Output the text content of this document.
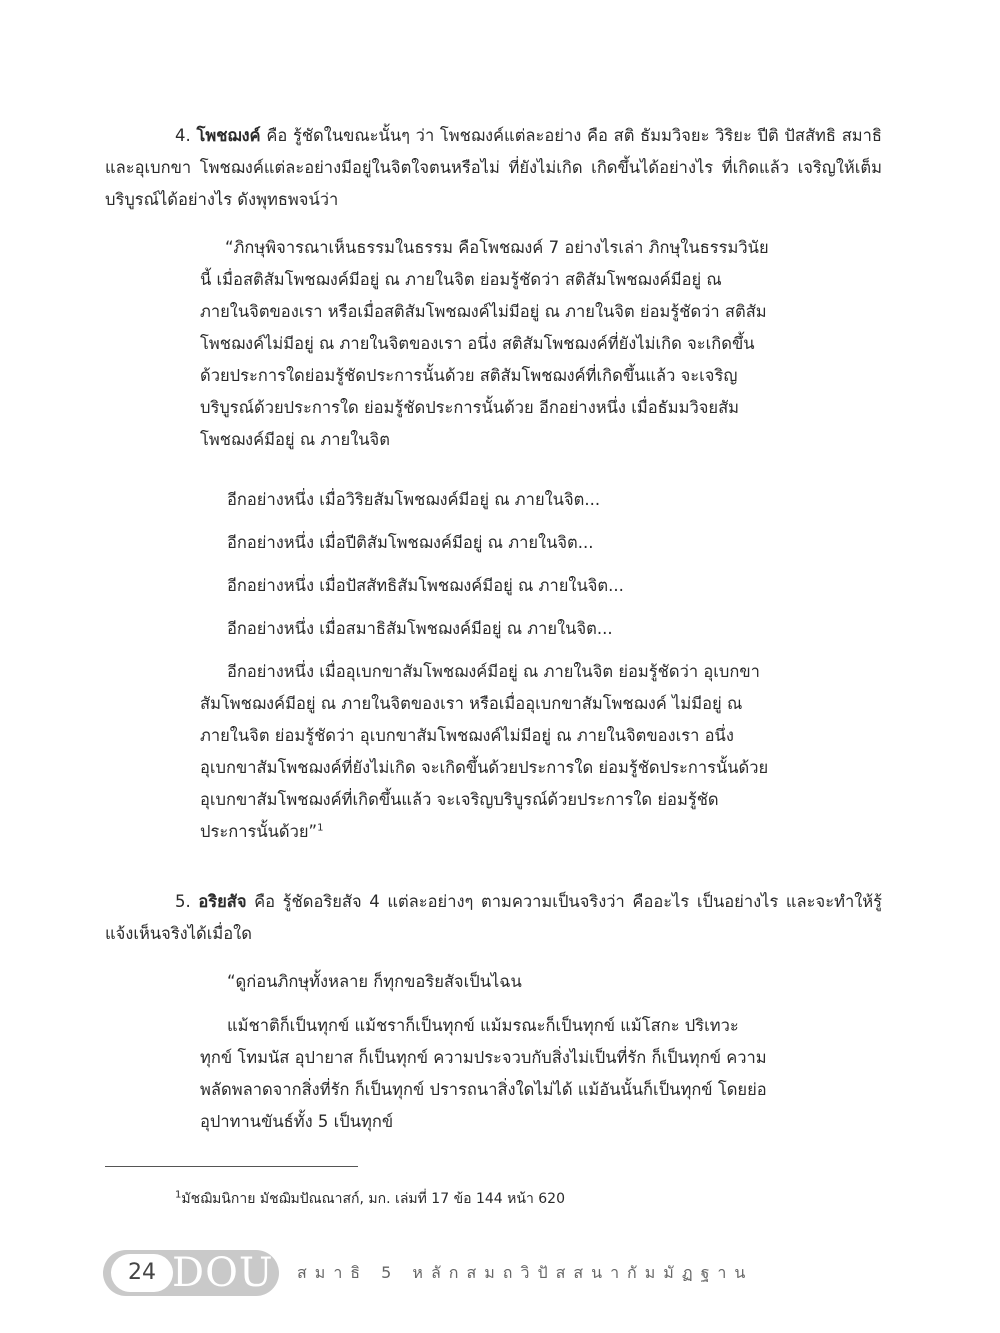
4. โพชฌงค์ คือ รู้ชัดในขณะนั้นๆ ว่า โพชฌงค์แต่ละอย่าง คือ สติ ธัมมวิจยะ วิริยะ ปีติ ปัสสัทธิ สมาธิ และอุเบกขา โพชฌงค์แต่ละอย่างมีอยู่ในจิตใจตนหรือไม่ ที่ยังไม่เกิด เกิดขึ้นได้อย่างไร ที่เกิดแล้ว เจริญให้เต็มบริบูรณ์ได้อย่างไร ดังพุทธพจน์ว่า

“ภิกษุพิจารณาเห็นธรรมในธรรม คือโพชฌงค์ 7 อย่างไรเล่า ภิกษุในธรรมวินัยนี้ เมื่อสติสัมโพชฌงค์มีอยู่ ณ ภายในจิต ย่อมรู้ชัดว่า สติสัมโพชฌงค์มีอยู่ ณ ภายในจิตของเรา หรือเมื่อสติสัมโพชฌงค์ไม่มีอยู่ ณ ภายในจิต ย่อมรู้ชัดว่า สติสัมโพชฌงค์ไม่มีอยู่ ณ ภายในจิตของเรา อนึ่ง สติสัมโพชฌงค์ที่ยังไม่เกิด จะเกิดขึ้นด้วยประการใดย่อมรู้ชัดประการนั้นด้วย สติสัมโพชฌงค์ที่เกิดขึ้นแล้ว จะเจริญบริบูรณ์ด้วยประการใด ย่อมรู้ชัดประการนั้นด้วย อีกอย่างหนึ่ง เมื่อธัมมวิจยสัมโพชฌงค์มีอยู่ ณ ภายในจิต

อีกอย่างหนึ่ง เมื่อวิริยสัมโพชฌงค์มีอยู่ ณ ภายในจิต...

อีกอย่างหนึ่ง เมื่อปีติสัมโพชฌงค์มีอยู่ ณ ภายในจิต...

อีกอย่างหนึ่ง เมื่อปัสสัทธิสัมโพชฌงค์มีอยู่ ณ ภายในจิต...

อีกอย่างหนึ่ง เมื่อสมาธิสัมโพชฌงค์มีอยู่ ณ ภายในจิต...

อีกอย่างหนึ่ง เมื่ออุเบกขาสัมโพชฌงค์มีอยู่ ณ ภายในจิต ย่อมรู้ชัดว่า อุเบกขาสัมโพชฌงค์มีอยู่ ณ ภายในจิตของเรา หรือเมื่ออุเบกขาสัมโพชฌงค์ ไม่มีอยู่ ณ ภายในจิต ย่อมรู้ชัดว่า อุเบกขาสัมโพชฌงค์ไม่มีอยู่ ณ ภายในจิตของเรา อนึ่ง อุเบกขาสัมโพชฌงค์ที่ยังไม่เกิด จะเกิดขึ้นด้วยประการใด ย่อมรู้ชัดประการนั้นด้วย อุเบกขาสัมโพชฌงค์ที่เกิดขึ้นแล้ว จะเจริญบริบูรณ์ด้วยประการใด ย่อมรู้ชัดประการนั้นด้วย”$^1$

5. อริยสัจ คือ รู้ชัดอริยสัจ 4 แต่ละอย่างๆ ตามความเป็นจริงว่า คืออะไร เป็นอย่างไร และจะทำให้รู้แจ้งเห็นจริงได้เมื่อใด

“ดูก่อนภิกษุทั้งหลาย ก็ทุกขอริยสัจเป็นไฉน

แม้ชาติก็เป็นทุกข์ แม้ชราก็เป็นทุกข์ แม้มรณะก็เป็นทุกข์ แม้โสกะ ปริเทวะ ทุกข์ โทมนัส อุปายาส ก็เป็นทุกข์ ความประจวบกับสิ่งไม่เป็นที่รัก ก็เป็นทุกข์ ความพลัดพลาดจากสิ่งที่รัก ก็เป็นทุกข์ ปรารถนาสิ่งใดไม่ได้ แม้อันนั้นก็เป็นทุกข์ โดยย่ออุปาทานขันธ์ทั้ง 5 เป็นทุกข์

$^1$มัชฌิมนิกาย มัชฌิมปัณณาสก์, มก. เล่มที่ 17 ข้อ 144 หน้า 620
24 DOU สมาธิ 5 หลักสมถวิปัสสนากัมมัฏฐาน
